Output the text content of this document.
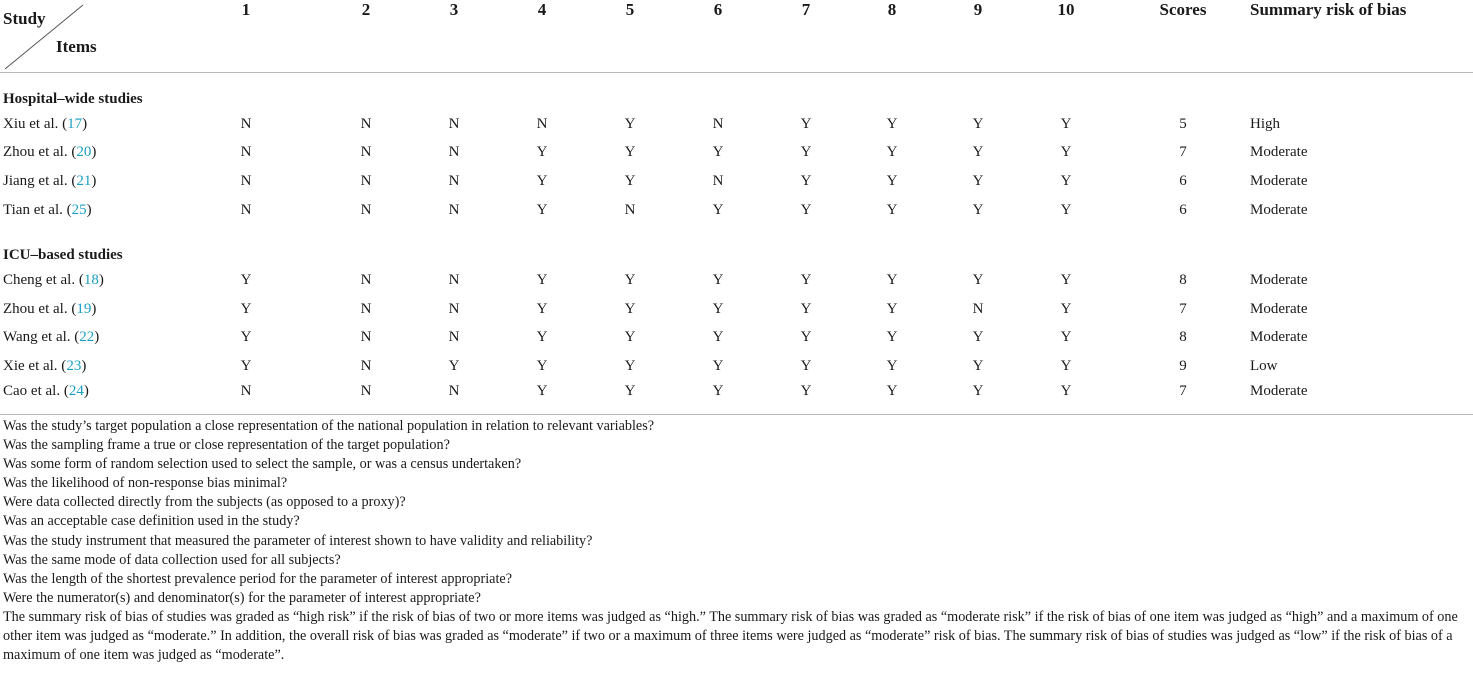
Study
Items	1	2	3	4	5	6	7	8	9	10	Scores	Summary risk of bias
Hospital–wide studies												
Xiu et al. (17)	N	N	N	N	Y	N	Y	Y	Y	Y	5	High
Zhou et al. (20)	N	N	N	Y	Y	Y	Y	Y	Y	Y	7	Moderate
Jiang et al. (21)	N	N	N	Y	Y	N	Y	Y	Y	Y	6	Moderate
Tian et al. (25)	N	N	N	Y	N	Y	Y	Y	Y	Y	6	Moderate
ICU–based studies												
Cheng et al. (18)	Y	N	N	Y	Y	Y	Y	Y	Y	Y	8	Moderate
Zhou et al. (19)	Y	N	N	Y	Y	Y	Y	Y	N	Y	7	Moderate
Wang et al. (22)	Y	N	N	Y	Y	Y	Y	Y	Y	Y	8	Moderate
Xie et al. (23)	Y	N	Y	Y	Y	Y	Y	Y	Y	Y	9	Low
Cao et al. (24)	N	N	N	Y	Y	Y	Y	Y	Y	Y	7	Moderate
Was the study’s target population a close representation of the national population in relation to relevant variables?
Was the sampling frame a true or close representation of the target population?
Was some form of random selection used to select the sample, or was a census undertaken?
Was the likelihood of non-response bias minimal?
Were data collected directly from the subjects (as opposed to a proxy)?
Was an acceptable case definition used in the study?
Was the study instrument that measured the parameter of interest shown to have validity and reliability?
Was the same mode of data collection used for all subjects?
Was the length of the shortest prevalence period for the parameter of interest appropriate?
Were the numerator(s) and denominator(s) for the parameter of interest appropriate?
The summary risk of bias of studies was graded as “high risk” if the risk of bias of two or more items was judged as “high.” The summary risk of bias was graded as “moderate risk” if the risk of bias of one item was judged as “high” and a maximum of one other item was judged as “moderate.” In addition, the overall risk of bias was graded as “moderate” if two or a maximum of three items were judged as “moderate” risk of bias. The summary risk of bias of studies was judged as “low” if the risk of bias of a maximum of one item was judged as “moderate”.
